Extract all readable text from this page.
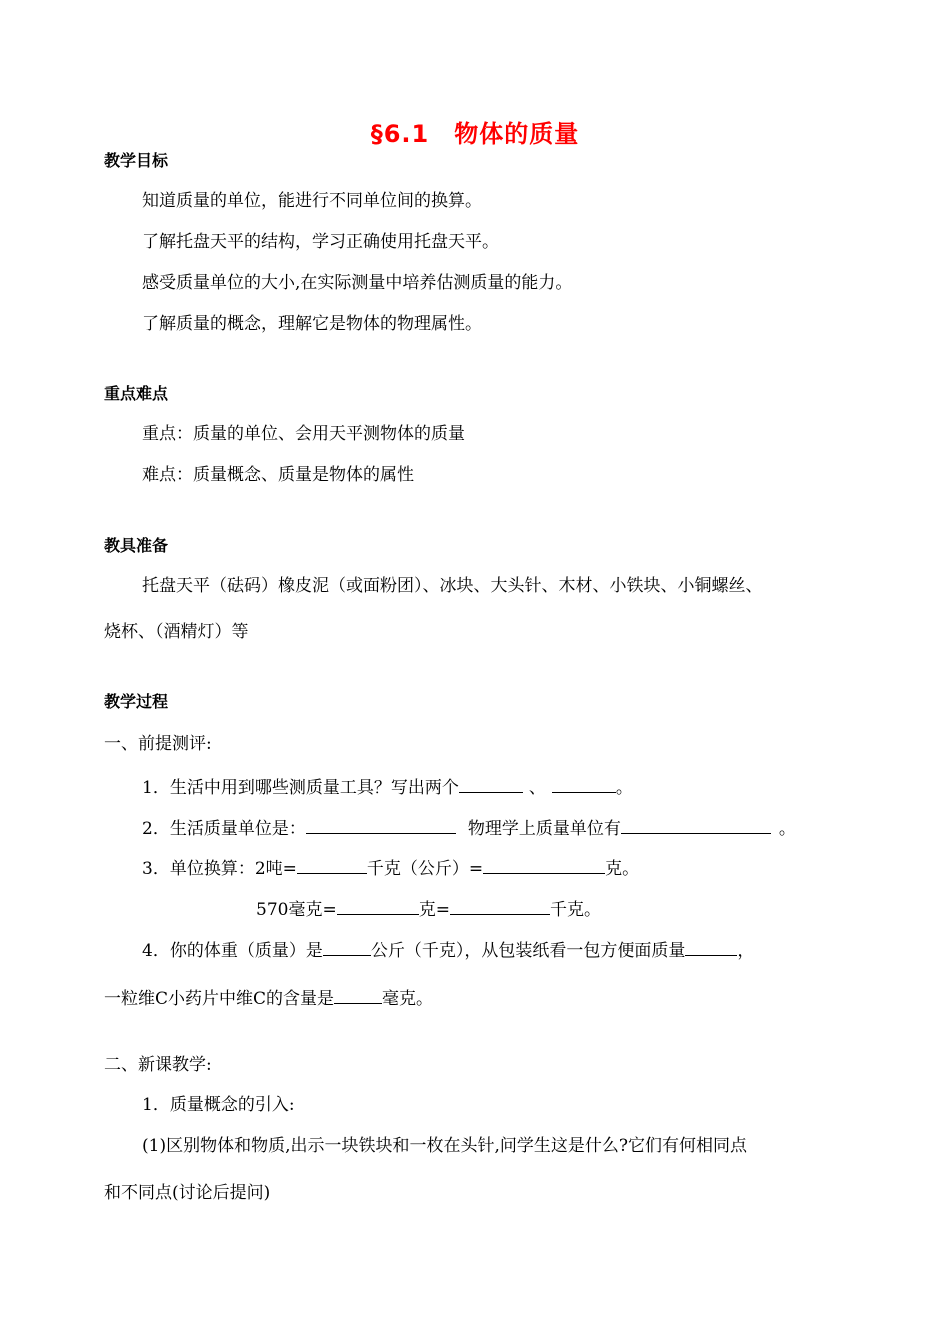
§6.1　物体的质量
教学目标
知道质量的单位，能进行不同单位间的换算。
了解托盘天平的结构，学习正确使用托盘天平。
感受质量单位的大小,在实际测量中培养估测质量的能力。
了解质量的概念，理解它是物体的物理属性。
重点难点
重点：质量的单位、会用天平测物体的质量
难点：质量概念、质量是物体的属性
教具准备
托盘天平（砝码）橡皮泥（或面粉团）、冰块、大头针、木材、小铁块、小铜螺丝、
烧杯、（酒精灯）等
教学过程
一、前提测评:
1．生活中用到哪些测质量工具？写出两个	、	。
2．生活质量单位是：	物理学上质量单位有	。
3．单位换算：2吨=	千克（公斤）=	克。
570毫克=	克=	千克。
4．你的体重（质量）是	公斤（千克），从包装纸看一包方便面质量	，
一粒维C小药片中维C的含量是	毫克。
二、新课教学:
1．质量概念的引入:
(1)区别物体和物质,出示一块铁块和一枚在头针,问学生这是什么?它们有何相同点
和不同点(讨论后提问)
